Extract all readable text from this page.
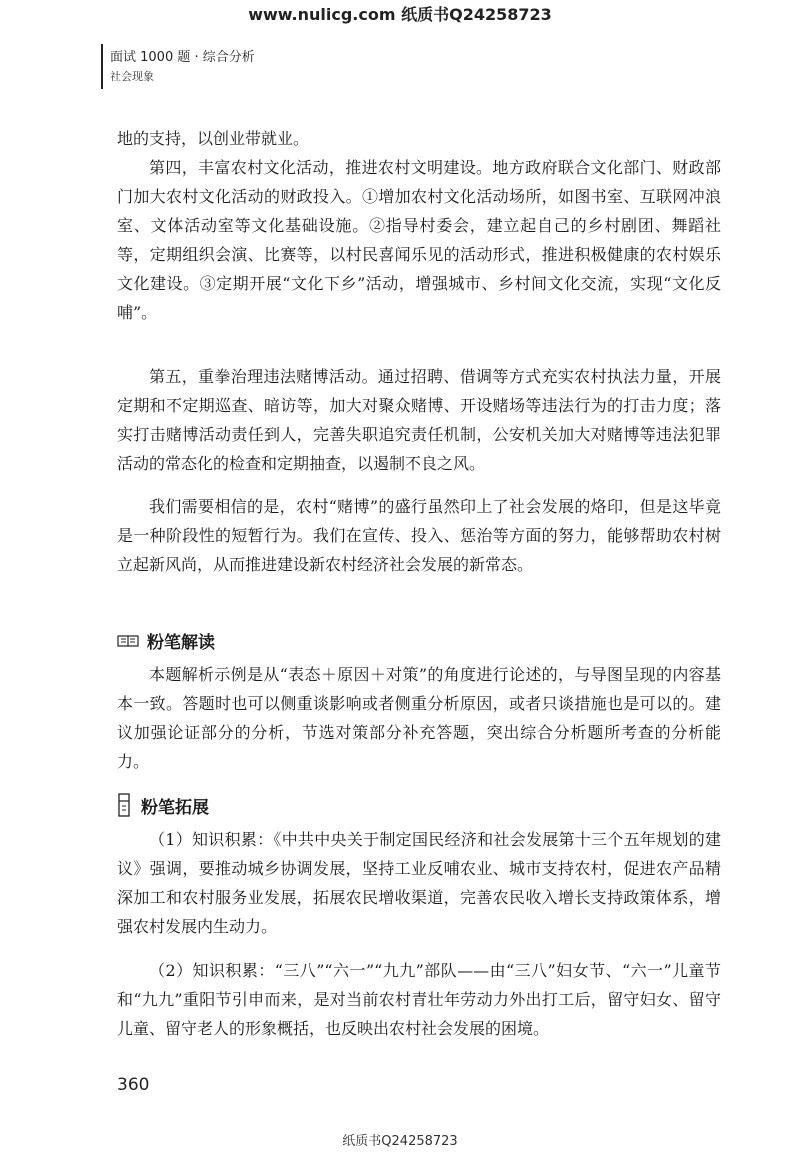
www.nulicg.com 纸质书Q24258723
面试 1000 题 · 综合分析
社会现象

地的支持，以创业带就业。

第四，丰富农村文化活动，推进农村文明建设。地方政府联合文化部门、财政部门加大农村文化活动的财政投入。①增加农村文化活动场所，如图书室、互联网冲浪室、文体活动室等文化基础设施。②指导村委会，建立起自己的乡村剧团、舞蹈社等，定期组织会演、比赛等，以村民喜闻乐见的活动形式，推进积极健康的农村娱乐文化建设。③定期开展“文化下乡”活动，增强城市、乡村间文化交流，实现“文化反哺”。

第五，重拳治理违法赌博活动。通过招聘、借调等方式充实农村执法力量，开展定期和不定期巡查、暗访等，加大对聚众赌博、开设赌场等违法行为的打击力度；落实打击赌博活动责任到人，完善失职追究责任机制，公安机关加大对赌博等违法犯罪活动的常态化的检查和定期抽查，以遏制不良之风。

我们需要相信的是，农村“赌博”的盛行虽然印上了社会发展的烙印，但是这毕竟是一种阶段性的短暂行为。我们在宣传、投入、惩治等方面的努力，能够帮助农村树立起新风尚，从而推进建设新农村经济社会发展的新常态。

粉笔解读

本题解析示例是从“表态＋原因＋对策”的角度进行论述的，与导图呈现的内容基本一致。答题时也可以侧重谈影响或者侧重分析原因，或者只谈措施也是可以的。建议加强论证部分的分析，节选对策部分补充答题，突出综合分析题所考查的分析能力。

粉笔拓展

（1）知识积累：《中共中央关于制定国民经济和社会发展第十三个五年规划的建议》强调，要推动城乡协调发展，坚持工业反哺农业、城市支持农村，促进农产品精深加工和农村服务业发展，拓展农民增收渠道，完善农民收入增长支持政策体系，增强农村发展内生动力。

（2）知识积累：“三八”“六一”“九九”部队——由“三八”妇女节、“六一”儿童节和“九九”重阳节引申而来，是对当前农村青壮年劳动力外出打工后，留守妇女、留守儿童、留守老人的形象概括，也反映出农村社会发展的困境。

360
纸质书Q24258723
